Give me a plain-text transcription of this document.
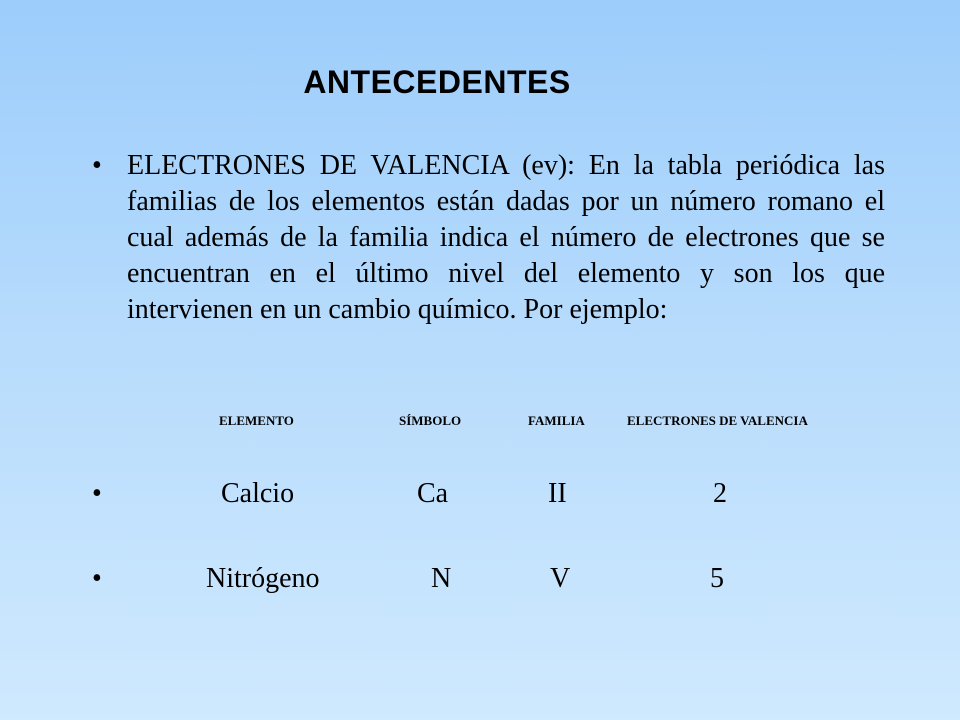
ANTECEDENTES
• ELECTRONES DE VALENCIA (ev): En la tabla periódica las familias de los elementos están dadas por un número romano el cual además de la familia indica el número de electrones que se encuentran en el último nivel del elemento y son los que intervienen en un cambio químico. Por ejemplo:
ELEMENTO	SÍMBOLO	FAMILIA	ELECTRONES DE VALENCIA
•	Calcio	Ca	II	2
•	Nitrógeno	N	V	5
